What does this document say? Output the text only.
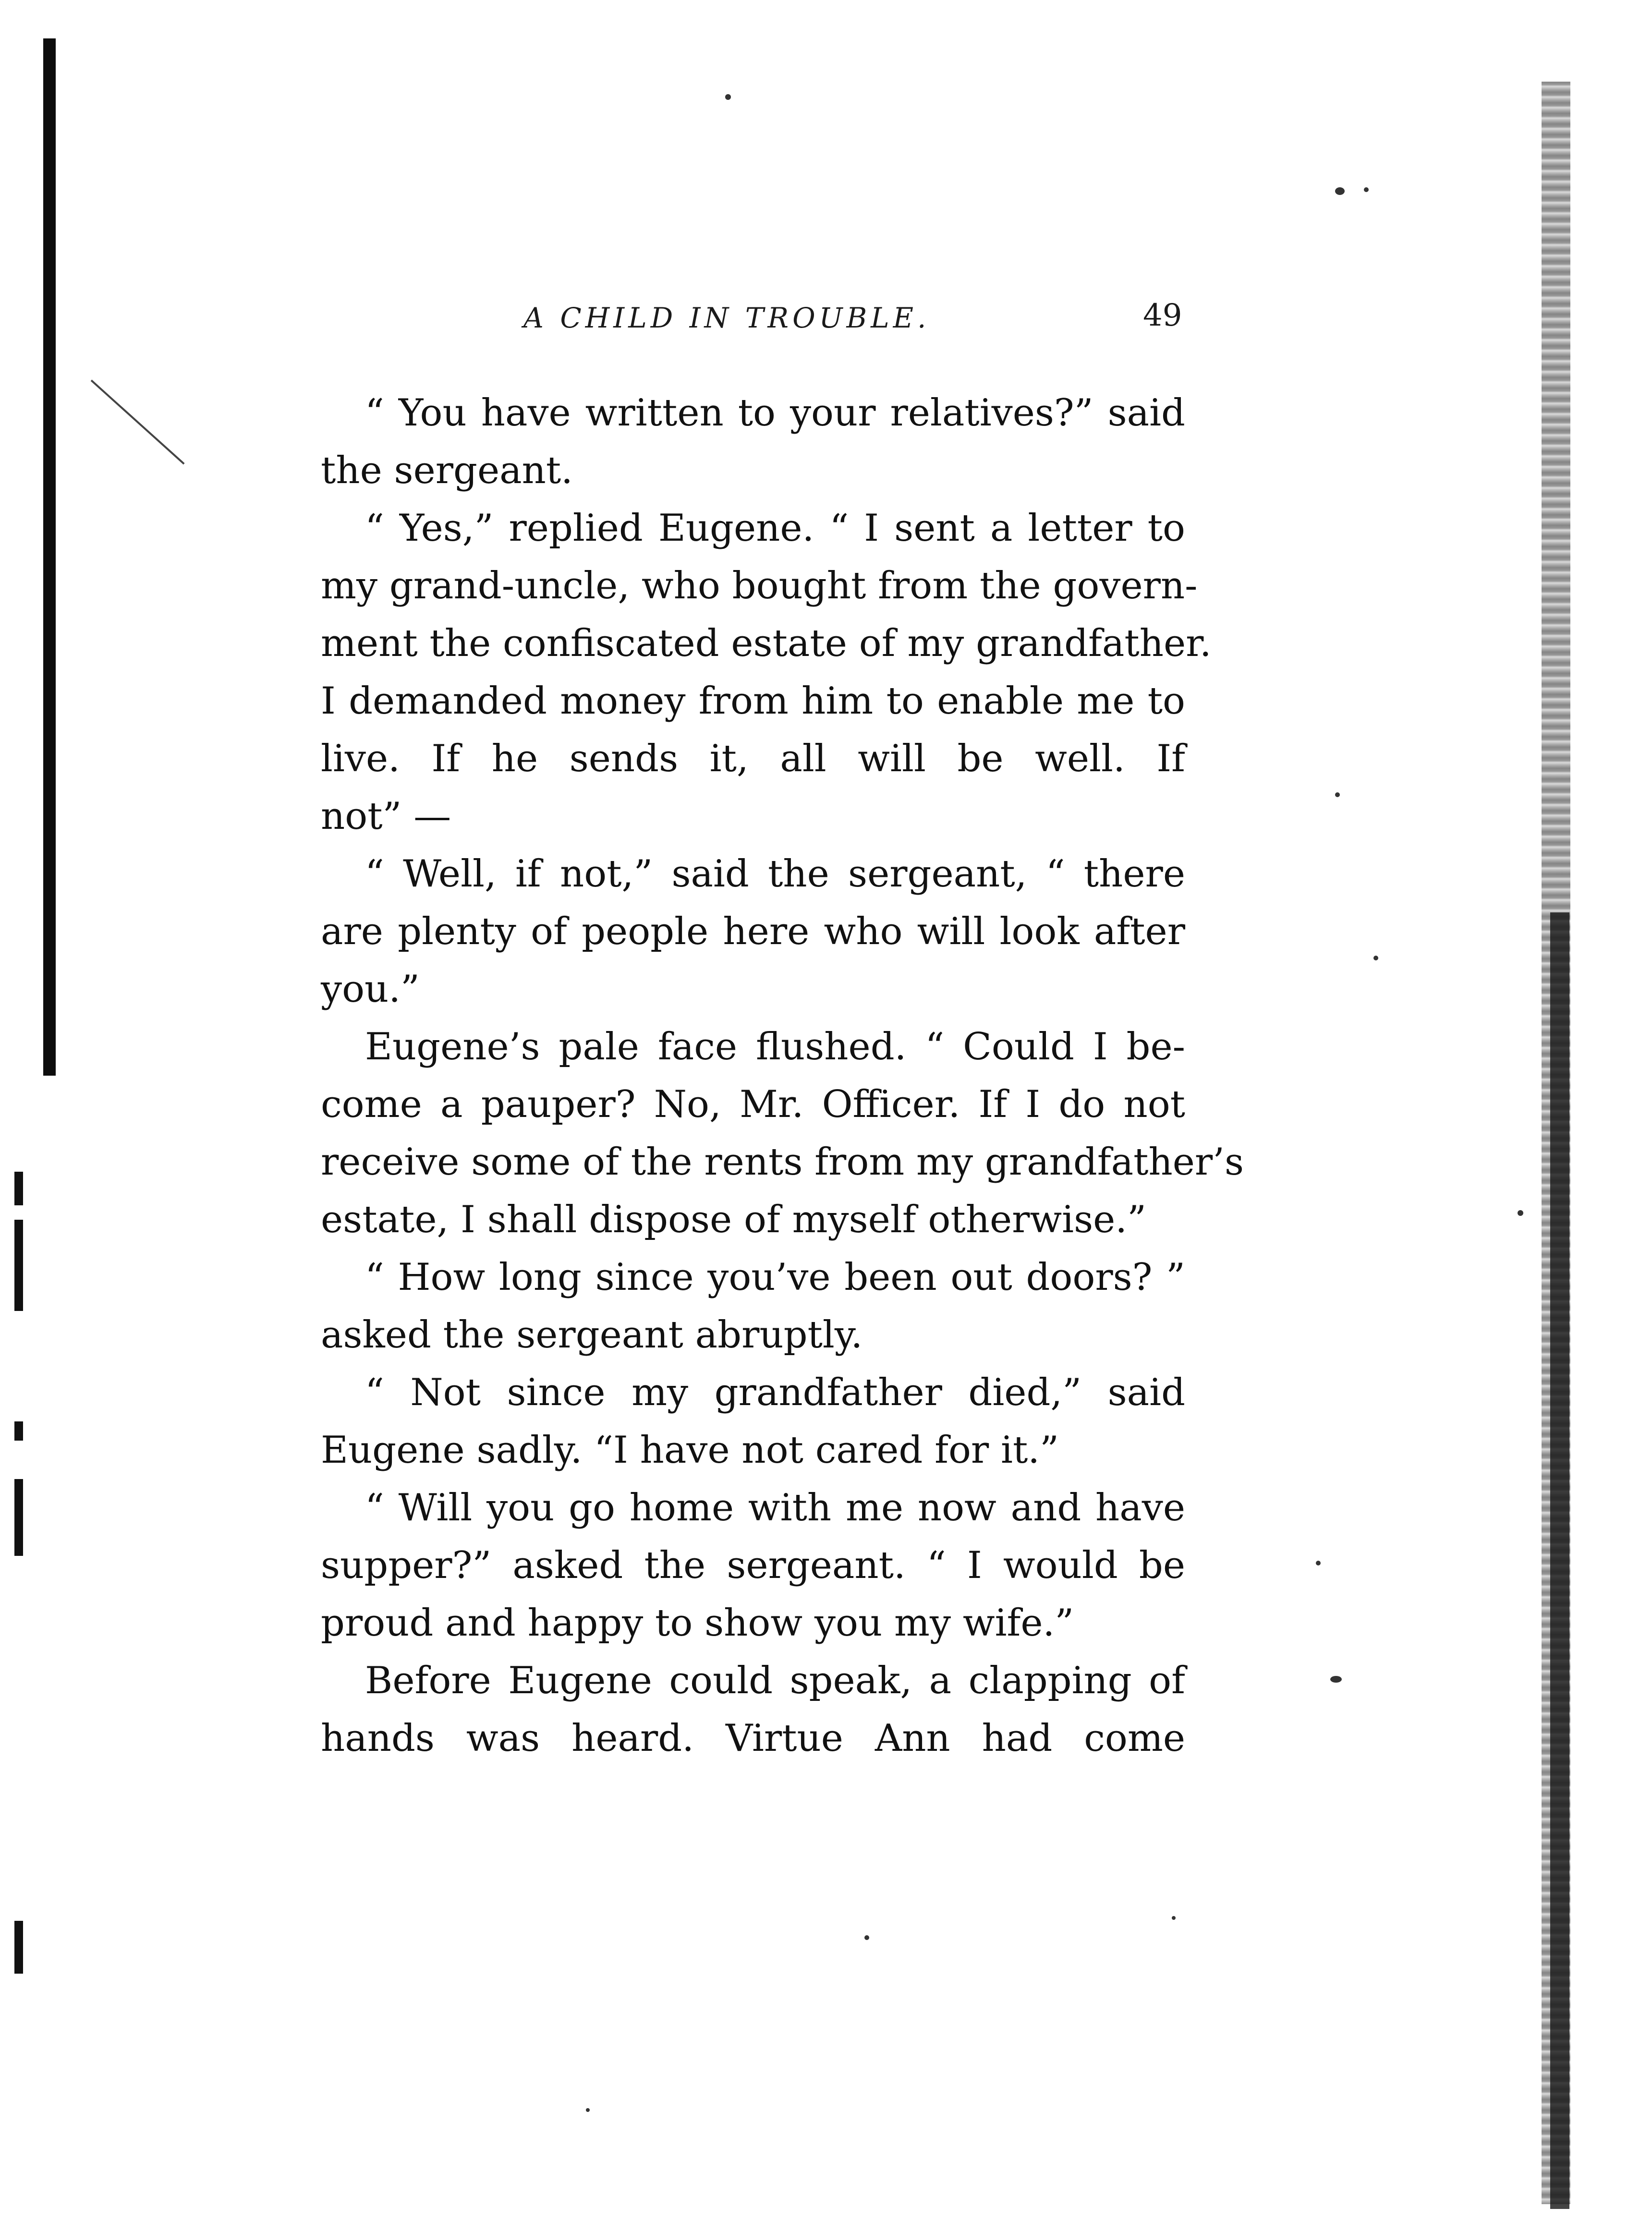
A CHILD IN TROUBLE.	49
“ You have written to your relatives?” said
the sergeant.
“ Yes,” replied Eugene. “ I sent a letter to
my grand-uncle, who bought from the govern-
ment the confiscated estate of my grandfather.
I demanded money from him to enable me to
live. If he sends it, all will be well. If
not” —
“ Well, if not,” said the sergeant, “ there
are plenty of people here who will look after
you.”
Eugene’s pale face flushed. “ Could I be-
come a pauper? No, Mr. Officer. If I do not
receive some of the rents from my grandfather’s
estate, I shall dispose of myself otherwise.”
“ How long since you’ve been out doors? ”
asked the sergeant abruptly.
“ Not since my grandfather died,” said
Eugene sadly. “I have not cared for it.”
“ Will you go home with me now and have
supper?” asked the sergeant. “ I would be
proud and happy to show you my wife.”
Before Eugene could speak, a clapping of
hands was heard. Virtue Ann had come
